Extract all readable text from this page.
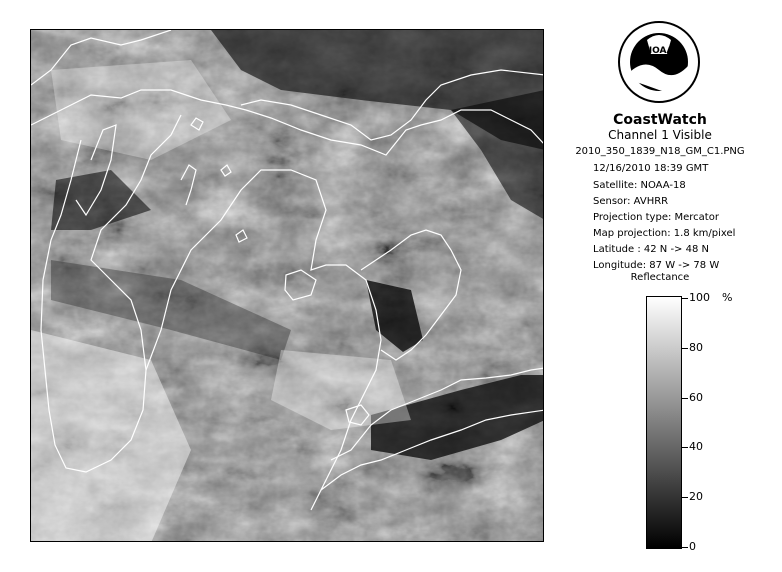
NOAA
CoastWatch
Channel 1 Visible
2010_350_1839_N18_GM_C1.PNG
12/16/2010 18:39 GMT
Satellite: NOAA-18
Sensor: AVHRR
Projection type: Mercator
Map projection: 1.8 km/pixel
Latitude : 42 N -> 48 N
Longitude: 87 W -> 78 W
Reflectance
%
100
80
60
40
20
0
